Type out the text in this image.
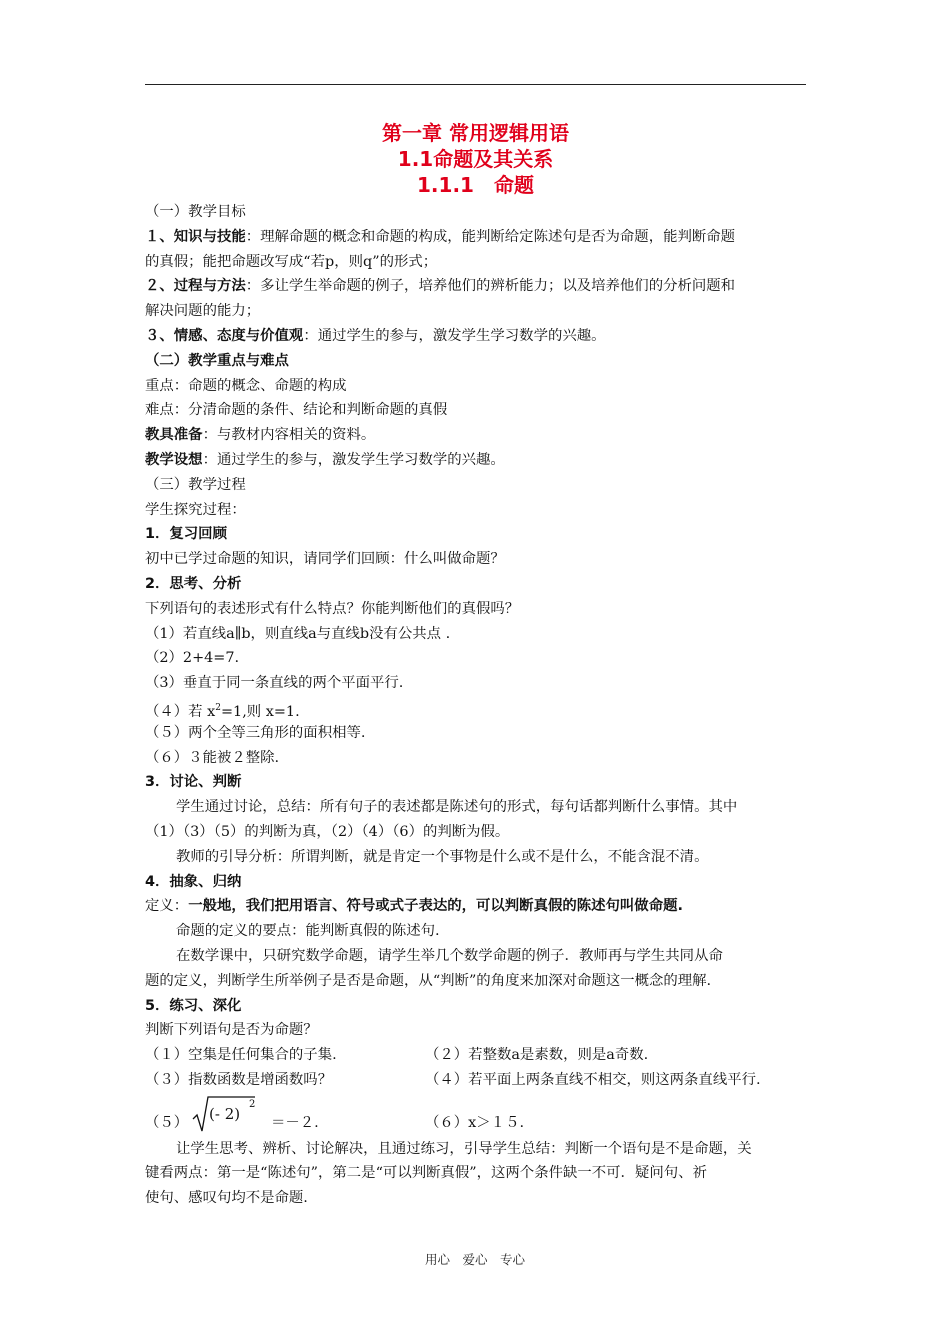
第一章 常用逻辑用语
1.1命题及其关系
1.1.1　命题
（一）教学目标
１、知识与技能：理解命题的概念和命题的构成，能判断给定陈述句是否为命题，能判断命题
的真假；能把命题改写成“若p，则q”的形式；
２、过程与方法：多让学生举命题的例子，培养他们的辨析能力；以及培养他们的分析问题和
解决问题的能力；
３、情感、态度与价值观：通过学生的参与，激发学生学习数学的兴趣。
（二）教学重点与难点
重点：命题的概念、命题的构成
难点：分清命题的条件、结论和判断命题的真假
教具准备：与教材内容相关的资料。
教学设想：通过学生的参与，激发学生学习数学的兴趣。
（三）教学过程
学生探究过程：
1．复习回顾
初中已学过命题的知识，请同学们回顾：什么叫做命题？
2．思考、分析
下列语句的表述形式有什么特点？你能判断他们的真假吗？
（1）若直线a∥b，则直线a与直线b没有公共点 .
（2）2+4=7.
（3）垂直于同一条直线的两个平面平行.
（４）若 $x^2=1$,则 x=1.
（５）两个全等三角形的面积相等.
（６）３能被２整除.
3．讨论、判断
学生通过讨论，总结：所有句子的表述都是陈述句的形式，每句话都判断什么事情。其中
（1）（3）（5）的判断为真，（2）（4）（6）的判断为假。
教师的引导分析：所谓判断，就是肯定一个事物是什么或不是什么，不能含混不清。
4．抽象、归纳
定义：一般地，我们把用语言、符号或式子表达的，可以判断真假的陈述句叫做命题.
命题的定义的要点：能判断真假的陈述句.
在数学课中，只研究数学命题，请学生举几个数学命题的例子．教师再与学生共同从命
题的定义，判断学生所举例子是否是命题，从“判断”的角度来加深对命题这一概念的理解.
5．练习、深化
判断下列语句是否为命题？
（１）空集是任何集合的子集.	（２）若整数a是素数，则是a奇数.
（３）指数函数是增函数吗？	（４）若平面上两条直线不相交，则这两条直线平行.
（５） (- 2)
2
＝－２.	（６）x＞１５.
让学生思考、辨析、讨论解决，且通过练习，引导学生总结：判断一个语句是不是命题，关
键看两点：第一是“陈述句”，第二是“可以判断真假”，这两个条件缺一不可．疑问句、祈
使句、感叹句均不是命题.
用心　爱心　专心
